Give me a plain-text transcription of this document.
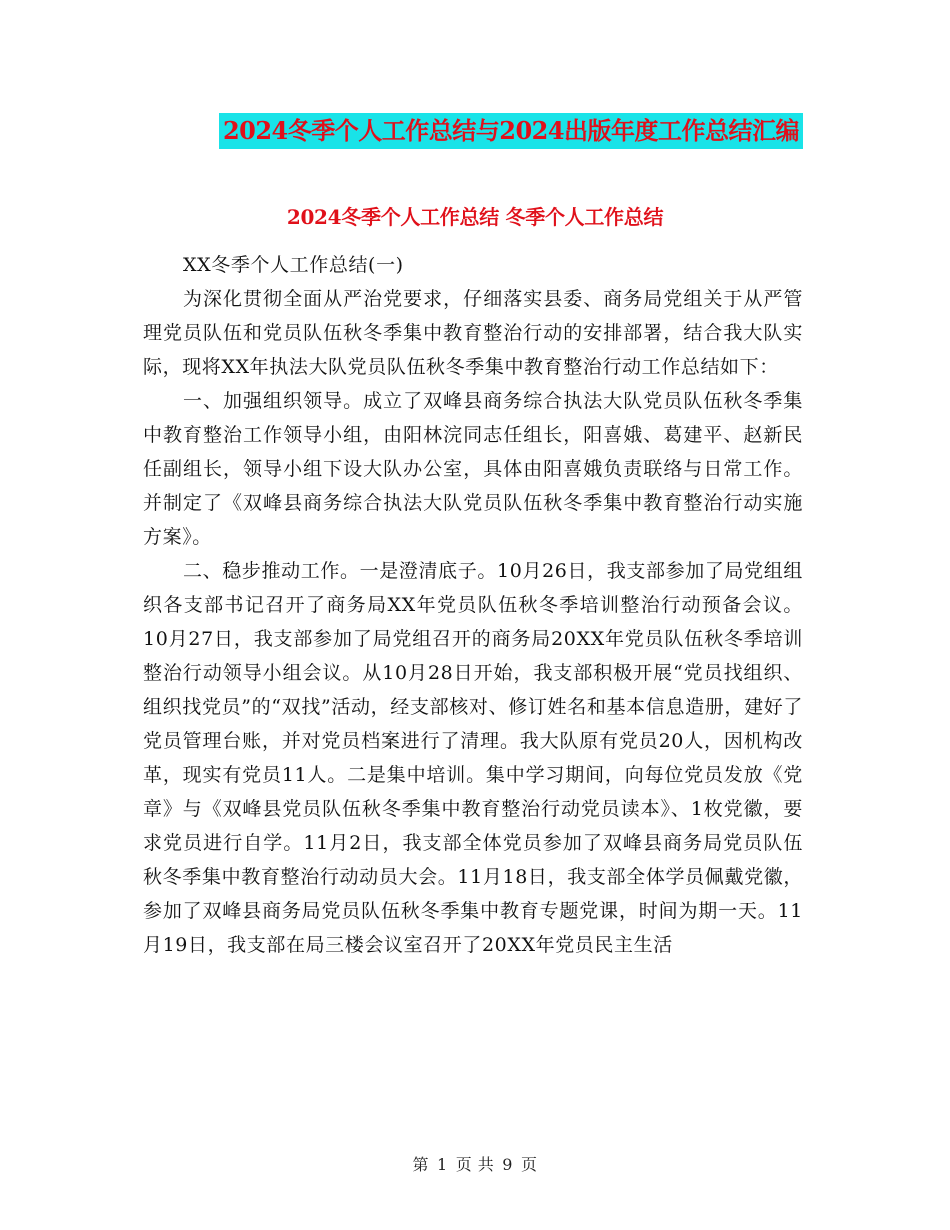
2024冬季个人工作总结与2024出版年度工作总结汇编
2024冬季个人工作总结 冬季个人工作总结

XX冬季个人工作总结(一)

为深化贯彻全面从严治党要求，仔细落实县委、商务局党组关于从严管理党员队伍和党员队伍秋冬季集中教育整治行动的安排部署，结合我大队实际，现将XX年执法大队党员队伍秋冬季集中教育整治行动工作总结如下：

一、加强组织领导。成立了双峰县商务综合执法大队党员队伍秋冬季集中教育整治工作领导小组，由阳林浣同志任组长，阳喜娥、葛建平、赵新民任副组长，领导小组下设大队办公室，具体由阳喜娥负责联络与日常工作。并制定了《双峰县商务综合执法大队党员队伍秋冬季集中教育整治行动实施方案》。

二、稳步推动工作。一是澄清底子。10月26日，我支部参加了局党组组织各支部书记召开了商务局XX年党员队伍秋冬季培训整治行动预备会议。10月27日，我支部参加了局党组召开的商务局20XX年党员队伍秋冬季培训整治行动领导小组会议。从10月28日开始，我支部积极开展“党员找组织、组织找党员”的“双找”活动，经支部核对、修订姓名和基本信息造册，建好了党员管理台账，并对党员档案进行了清理。我大队原有党员20人，因机构改革，现实有党员11人。二是集中培训。集中学习期间，向每位党员发放《党章》与《双峰县党员队伍秋冬季集中教育整治行动党员读本》、1枚党徽，要求党员进行自学。11月2日，我支部全体党员参加了双峰县商务局党员队伍秋冬季集中教育整治行动动员大会。11月18日，我支部全体学员佩戴党徽，参加了双峰县商务局党员队伍秋冬季集中教育专题党课，时间为期一天。11月19日，我支部在局三楼会议室召开了20XX年党员民主生活

第 1 页 共 9 页
